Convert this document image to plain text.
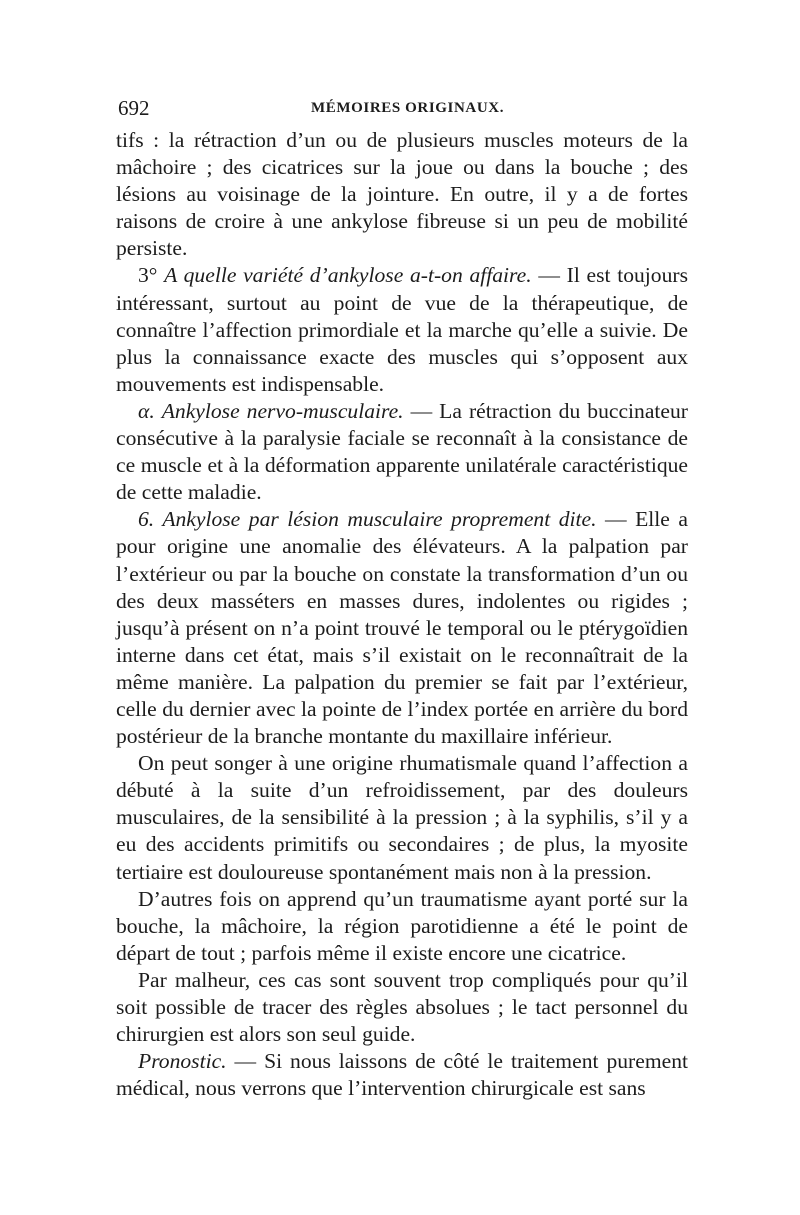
692	MÉMOIRES ORIGINAUX.

tifs : la rétraction d’un ou de plusieurs muscles moteurs de la mâchoire ; des cicatrices sur la joue ou dans la bouche ; des lésions au voisinage de la jointure. En outre, il y a de fortes raisons de croire à une ankylose fibreuse si un peu de mobilité persiste.

3° A quelle variété d’ankylose a-t-on affaire. — Il est toujours intéressant, surtout au point de vue de la thérapeutique, de connaître l’affection primordiale et la marche qu’elle a suivie. De plus la connaissance exacte des muscles qui s’opposent aux mouvements est indispensable.

α. Ankylose nervo-musculaire. — La rétraction du buccinateur consécutive à la paralysie faciale se reconnaît à la consistance de ce muscle et à la déformation apparente unilatérale caractéristique de cette maladie.

6. Ankylose par lésion musculaire proprement dite. — Elle a pour origine une anomalie des élévateurs. A la palpation par l’extérieur ou par la bouche on constate la transformation d’un ou des deux masséters en masses dures, indolentes ou rigides ; jusqu’à présent on n’a point trouvé le temporal ou le ptérygoïdien interne dans cet état, mais s’il existait on le reconnaîtrait de la même manière. La palpation du premier se fait par l’extérieur, celle du dernier avec la pointe de l’index portée en arrière du bord postérieur de la branche montante du maxillaire inférieur.

On peut songer à une origine rhumatismale quand l’affection a débuté à la suite d’un refroidissement, par des douleurs musculaires, de la sensibilité à la pression ; à la syphilis, s’il y a eu des accidents primitifs ou secondaires ; de plus, la myosite tertiaire est douloureuse spontanément mais non à la pression.

D’autres fois on apprend qu’un traumatisme ayant porté sur la bouche, la mâchoire, la région parotidienne a été le point de départ de tout ; parfois même il existe encore une cicatrice.

Par malheur, ces cas sont souvent trop compliqués pour qu’il soit possible de tracer des règles absolues ; le tact personnel du chirurgien est alors son seul guide.

Pronostic. — Si nous laissons de côté le traitement purement médical, nous verrons que l’intervention chirurgicale est sans
